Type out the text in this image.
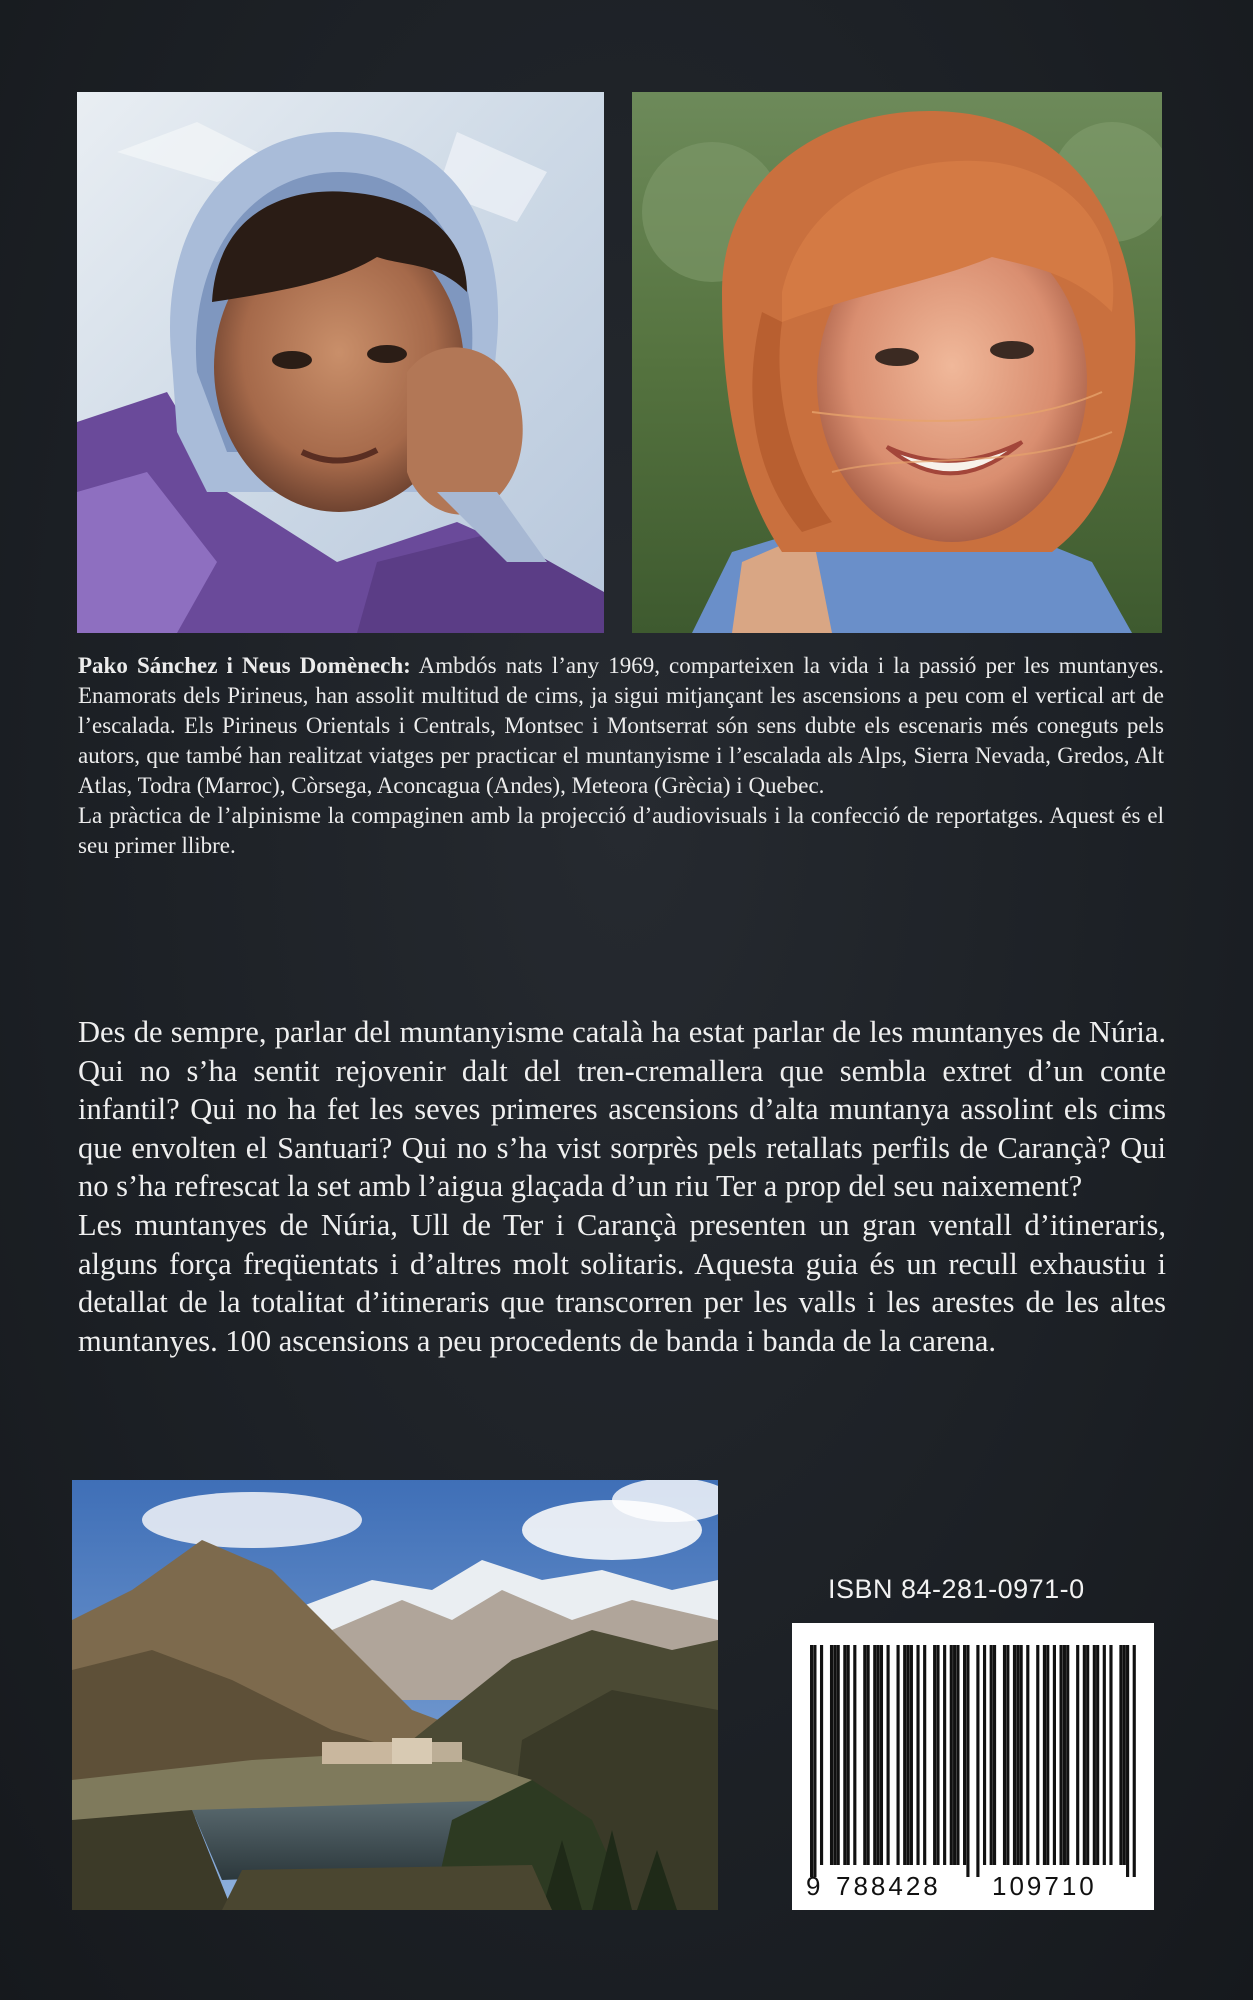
Pako Sánchez i Neus Domènech: Ambdós nats l’any 1969, comparteixen la vida i la passió per les muntanyes. Enamorats dels Pirineus, han assolit multitud de cims, ja sigui mitjançant les ascensions a peu com el vertical art de l’escalada. Els Pirineus Orientals i Centrals, Montsec i Montserrat són sens dubte els escenaris més coneguts pels autors, que també han realitzat viatges per practicar el muntanyisme i l’escalada als Alps, Sierra Nevada, Gredos, Alt Atlas, Todra (Marroc), Còrsega, Aconcagua (Andes), Meteora (Grècia) i Quebec.

La pràctica de l’alpinisme la compaginen amb la projecció d’audiovisuals i la confecció de reportatges. Aquest és el seu primer llibre.

Des de sempre, parlar del muntanyisme català ha estat parlar de les muntanyes de Núria. Qui no s’ha sentit rejovenir dalt del tren-cremallera que sembla extret d’un conte infantil? Qui no ha fet les seves primeres ascensions d’alta muntanya assolint els cims que envolten el Santuari? Qui no s’ha vist sorprès pels retallats perfils de Carançà? Qui no s’ha refrescat la set amb l’aigua glaçada d’un riu Ter a prop del seu naixement?

Les muntanyes de Núria, Ull de Ter i Carançà presenten un gran ventall d’itineraris, alguns força freqüentats i d’altres molt solitaris. Aquesta guia és un recull exhaustiu i detallat de la totalitat d’itineraris que transcorren per les valls i les arestes de les altes muntanyes. 100 ascensions a peu procedents de banda i banda de la carena.

ISBN 84-281-0971-0
9 788428 109710
